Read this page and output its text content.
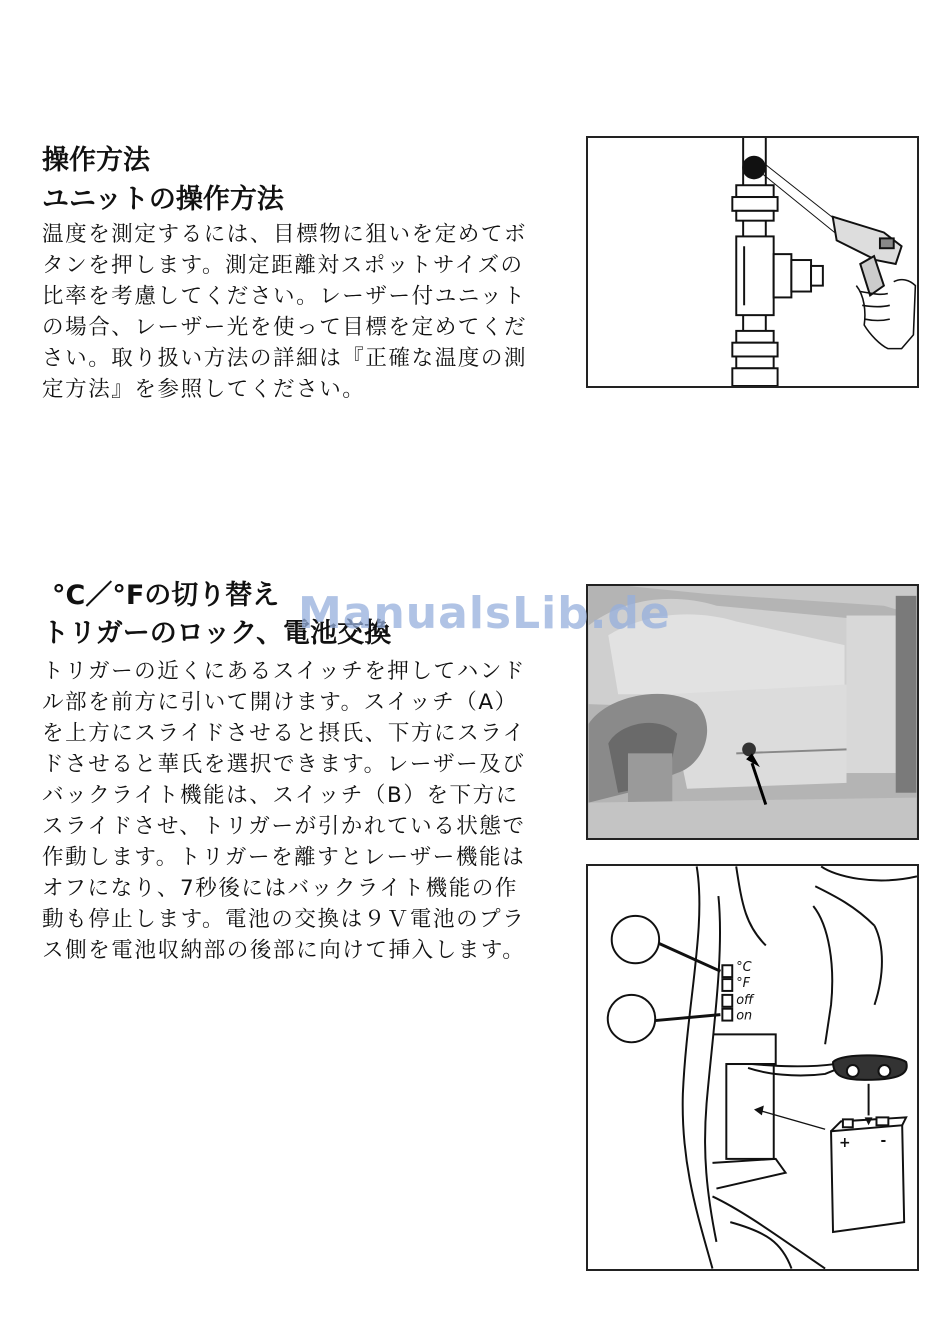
操作方法
ユニットの操作方法
温度を測定するには、目標物に狙いを定めてボ
タンを押します。測定距離対スポットサイズの
比率を考慮してください。レーザー付ユニット
の場合、レーザー光を使って目標を定めてくだ
さい。取り扱い方法の詳細は『正確な温度の測
定方法』を参照してください。
°C／°Fの切り替え
トリガーのロック、電池交換
トリガーの近くにあるスイッチを押してハンド
ル部を前方に引いて開けます。スイッチ（A）
を上方にスライドさせると摂氏、下方にスライ
ドさせると華氏を選択できます。レーザー及び
バックライト機能は、スイッチ（B）を下方に
スライドさせ、トリガーが引かれている状態で
作動します。トリガーを離すとレーザー機能は
オフになり、7秒後にはバックライト機能の作
動も停止します。電池の交換は９Ｖ電池のプラ
ス側を電池収納部の後部に向けて挿入します。
°C
°F
off
on
+ -
ManualsLib.de
